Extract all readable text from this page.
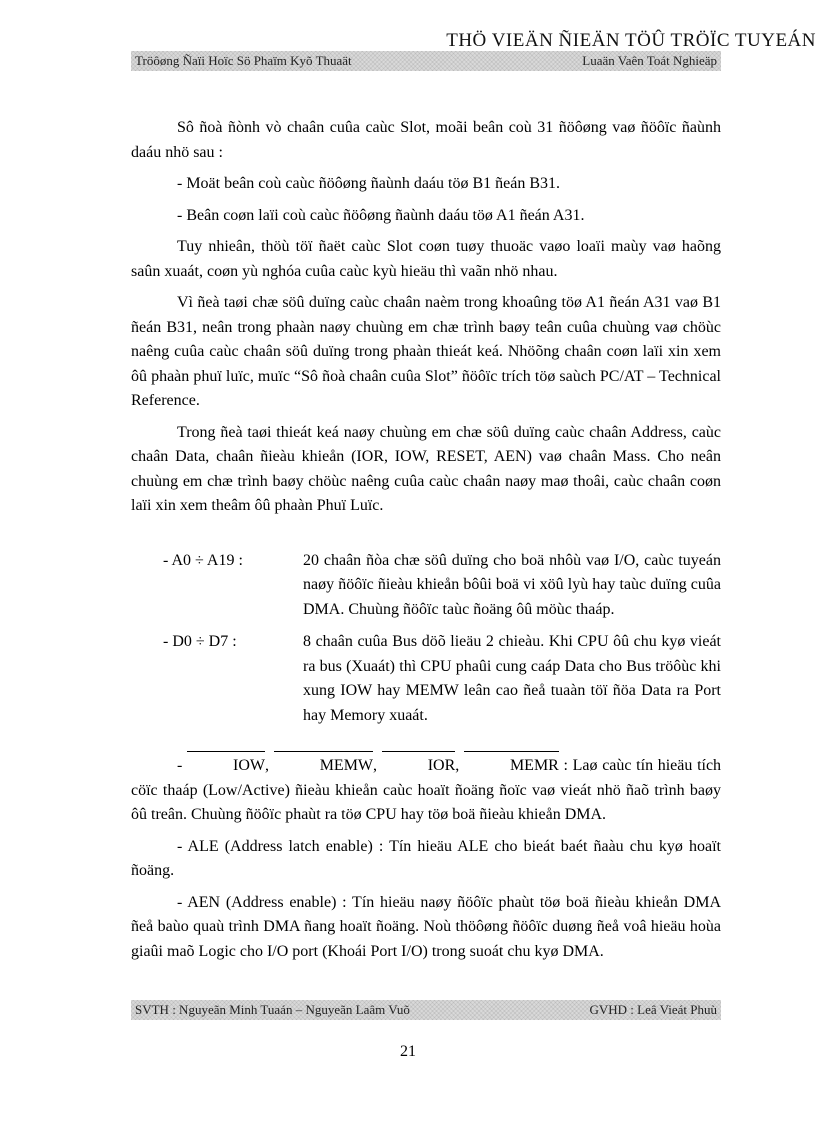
THÖ VIEÄN ÑIEÄN TÖÛ TRÖÏC TUYEÁN
Tröôøng Ñaïi Hoïc Sö Phaïm Kyõ Thuaät	Luaän Vaên Toát Nghieäp

Sô ñoà ñònh vò chaân cuûa caùc Slot, moãi beân coù 31 ñöôøng vaø ñöôïc ñaùnh daáu nhö sau :

- Moät beân coù caùc ñöôøng ñaùnh daáu töø B1 ñeán B31.

- Beân coøn laïi coù caùc ñöôøng ñaùnh daáu töø A1 ñeán A31.

Tuy nhieân, thöù töï ñaët caùc Slot coøn tuøy thuoäc vaøo loaïi maùy vaø haõng saûn xuaát, coøn yù nghóa cuûa caùc kyù hieäu thì vaãn nhö nhau.

Vì ñeà taøi chæ söû duïng caùc chaân naèm trong khoaûng töø A1 ñeán A31 vaø B1 ñeán B31, neân trong phaàn naøy chuùng em chæ trình baøy teân cuûa chuùng vaø chöùc naêng cuûa caùc chaân söû duïng trong phaàn thieát keá. Nhöõng chaân coøn laïi xin xem ôû phaàn phuï luïc, muïc “Sô ñoà chaân cuûa Slot” ñöôïc trích töø saùch PC/AT – Technical Reference.

Trong ñeà taøi thieát keá naøy chuùng em chæ söû duïng caùc chaân Address, caùc chaân Data, chaân ñieàu khieån (IOR, IOW, RESET, AEN) vaø chaân Mass. Cho neân chuùng em chæ trình baøy chöùc naêng cuûa caùc chaân naøy maø thoâi, caùc chaân coøn laïi xin xem theâm ôû phaàn Phuï Luïc.

- A0 ÷ A19 :	20 chaân ñòa chæ söû duïng cho boä nhôù vaø I/O, caùc tuyeán naøy ñöôïc ñieàu khieån bôûi boä vi xöû lyù hay taùc duïng cuûa DMA. Chuùng ñöôïc taùc ñoäng ôû möùc thaáp.
- D0 ÷ D7 :	8 chaân cuûa Bus döõ lieäu 2 chieàu. Khi CPU ôû chu kyø vieát ra bus (Xuaát) thì CPU phaûi cung caáp Data cho Bus tröôùc khi xung IOW hay MEMW leân cao ñeå tuaàn töï ñöa Data ra Port hay Memory xuaát.

-	IOW,	MEMW,	IOR,	MEMR : Laø caùc tín hieäu tích cöïc thaáp (Low/Active) ñieàu khieån caùc hoaït ñoäng ñoïc vaø vieát nhö ñaõ trình baøy ôû treân. Chuùng ñöôïc phaùt ra töø CPU hay töø boä ñieàu khieån DMA.

- ALE (Address latch enable) : Tín hieäu ALE cho bieát baét ñaàu chu kyø hoaït ñoäng.

- AEN (Address enable) : Tín hieäu naøy ñöôïc phaùt töø boä ñieàu khieån DMA ñeå baùo quaù trình DMA ñang hoaït ñoäng. Noù thöôøng ñöôïc duøng ñeå voâ hieäu hoùa giaûi maõ Logic cho I/O port (Khoái Port I/O) trong suoát chu kyø DMA.

SVTH : Nguyeãn Minh Tuaán – Nguyeãn Laâm Vuõ	GVHD : Leâ Vieát Phuù
21
